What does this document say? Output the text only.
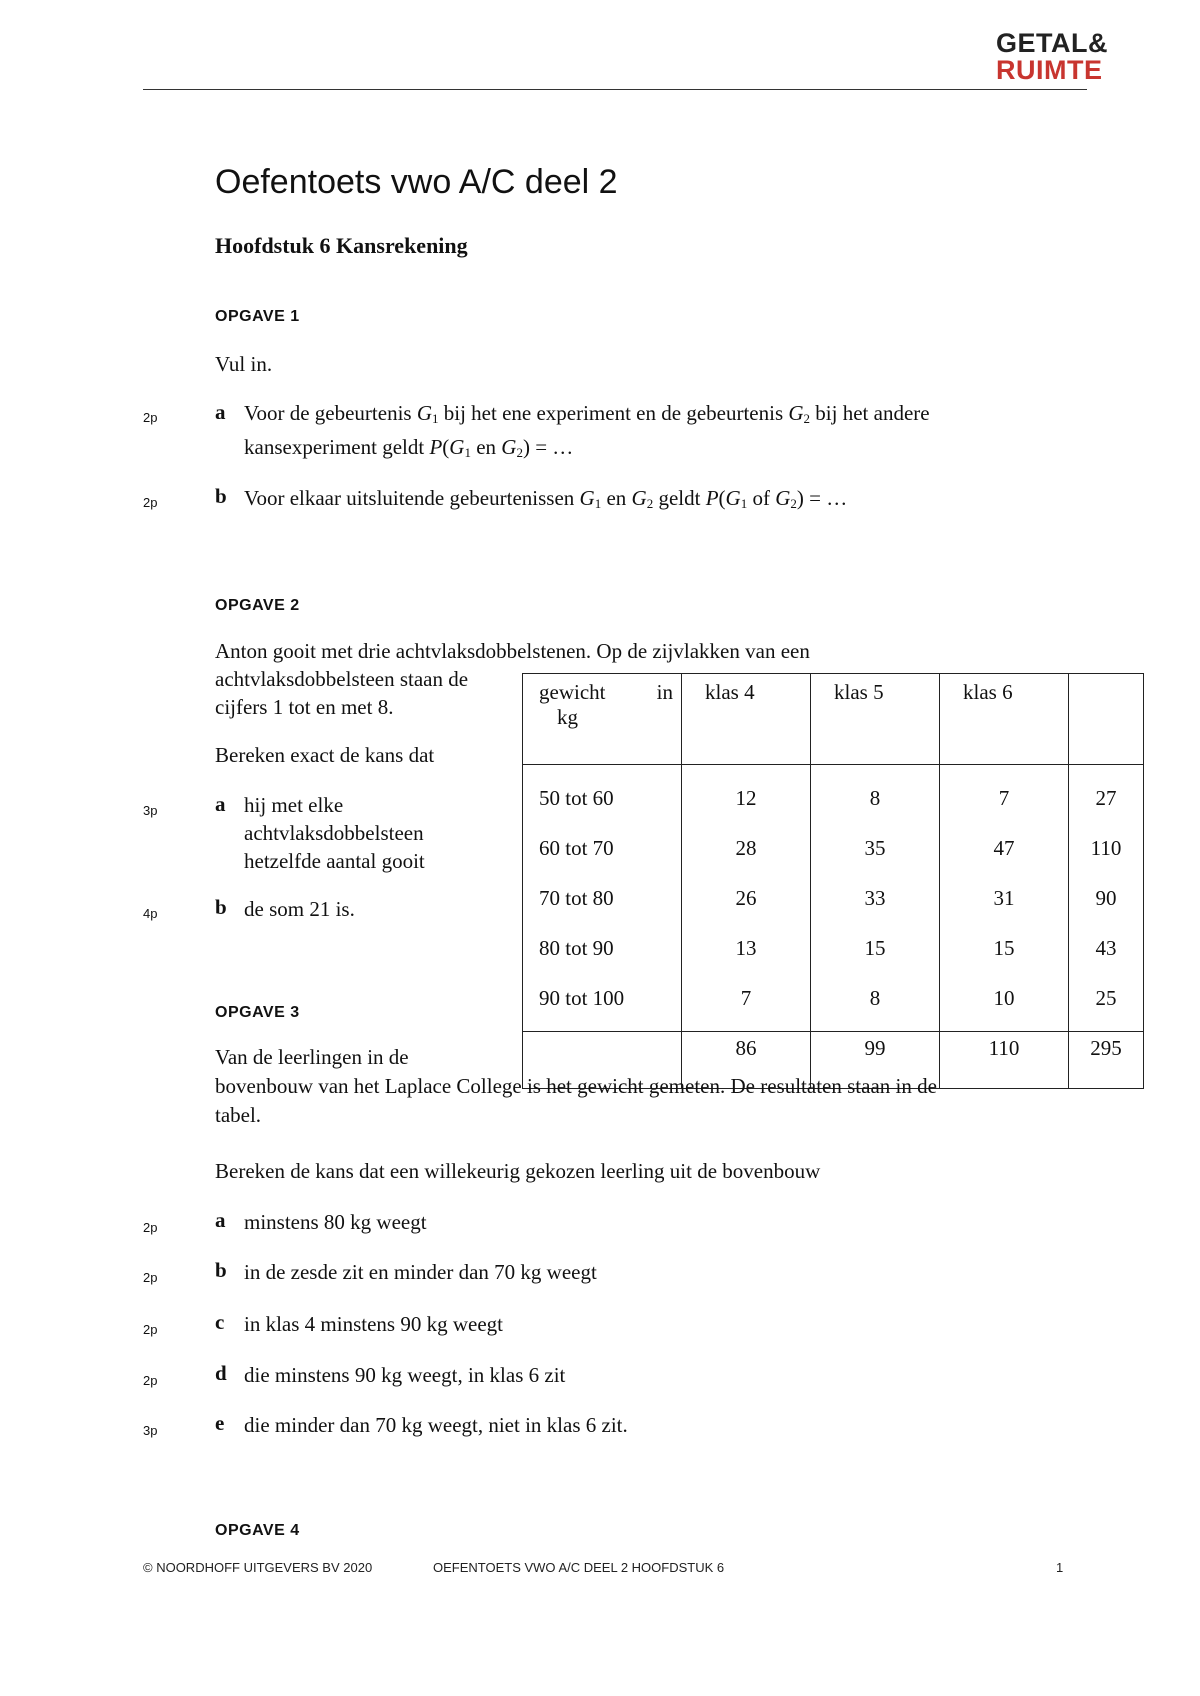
GETAL&
RUIMTE
Oefentoets vwo A/C deel 2
Hoofdstuk 6 Kansrekening
OPGAVE 1
Vul in.
2p	a Voor de gebeurtenis $G_1$ bij het ene experiment en de gebeurtenis $G_2$ bij het andere
kansexperiment geldt $P(G_1$ en $G_2$) = …
2p	b Voor elkaar uitsluitende gebeurtenissen $G_1$ en $G_2$ geldt $P(G_1$ of $G_2$) = …
OPGAVE 2
Anton gooit met drie achtvlaksdobbelstenen. Op de zijvlakken van een
achtvlaksdobbelsteen staan de
cijfers 1 tot en met 8.
Bereken exact de kans dat
3p	a hij met elke
achtvlaksdobbelsteen
hetzelfde aantal gooit
4p	b de som 21 is.
gewicht in
kg	klas 4	klas 5	klas 6	
50 tot 60	12	8	7	27
60 tot 70	28	35	47	110
70 tot 80	26	33	31	90
80 tot 90	13	15	15	43
90 tot 100	7	8	10	25
	86	99	110	295
OPGAVE 3
Van de leerlingen in de
bovenbouw van het Laplace College is het gewicht gemeten. De resultaten staan in de
tabel.
Bereken de kans dat een willekeurig gekozen leerling uit de bovenbouw
2p	a minstens 80 kg weegt
2p	b in de zesde zit en minder dan 70 kg weegt
2p	c in klas 4 minstens 90 kg weegt
2p	d die minstens 90 kg weegt, in klas 6 zit
3p	e die minder dan 70 kg weegt, niet in klas 6 zit.
OPGAVE 4
© NOORDHOFF UITGEVERS BV 2020	OEFENTOETS VWO A/C DEEL 2 HOOFDSTUK 6	1
